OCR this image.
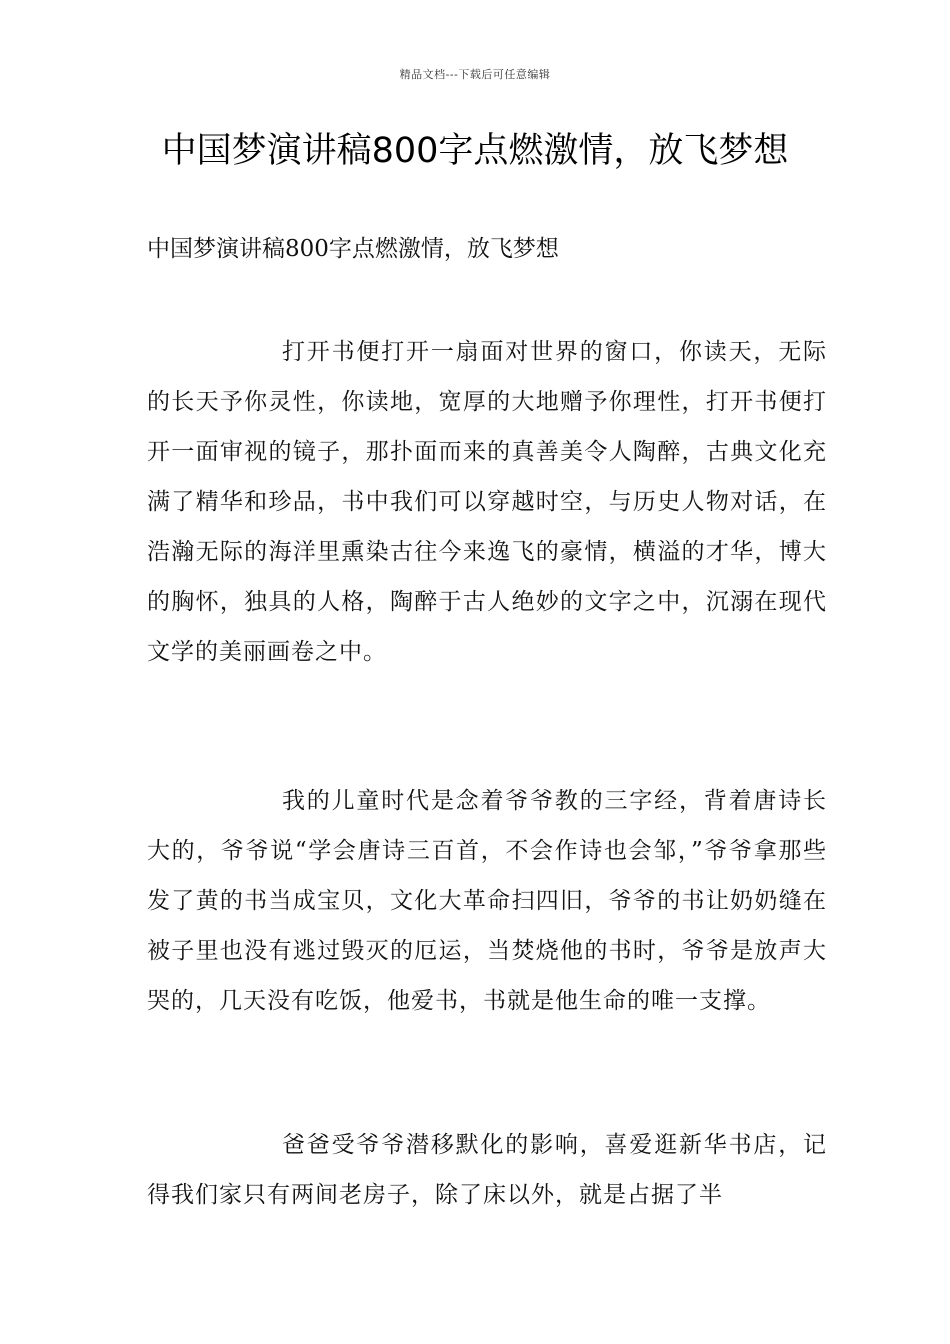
精品文档---下载后可任意编辑
中国梦演讲稿800字点燃激情，放飞梦想

中国梦演讲稿800字点燃激情，放飞梦想

打开书便打开一扇面对世界的窗口，你读天，无际的长天予你灵性，你读地，宽厚的大地赠予你理性，打开书便打开一面审视的镜子，那扑面而来的真善美令人陶醉，古典文化充满了精华和珍品，书中我们可以穿越时空，与历史人物对话，在浩瀚无际的海洋里熏染古往今来逸飞的豪情，横溢的才华，博大的胸怀，独具的人格，陶醉于古人绝妙的文字之中，沉溺在现代文学的美丽画卷之中。

我的儿童时代是念着爷爷教的三字经，背着唐诗长大的，爷爷说“学会唐诗三百首，不会作诗也会邹，”爷爷拿那些发了黄的书当成宝贝，文化大革命扫四旧，爷爷的书让奶奶缝在被子里也没有逃过毁灭的厄运，当焚烧他的书时，爷爷是放声大哭的，几天没有吃饭，他爱书，书就是他生命的唯一支撑。

爸爸受爷爷潜移默化的影响，喜爱逛新华书店，记得我们家只有两间老房子，除了床以外，就是占据了半
